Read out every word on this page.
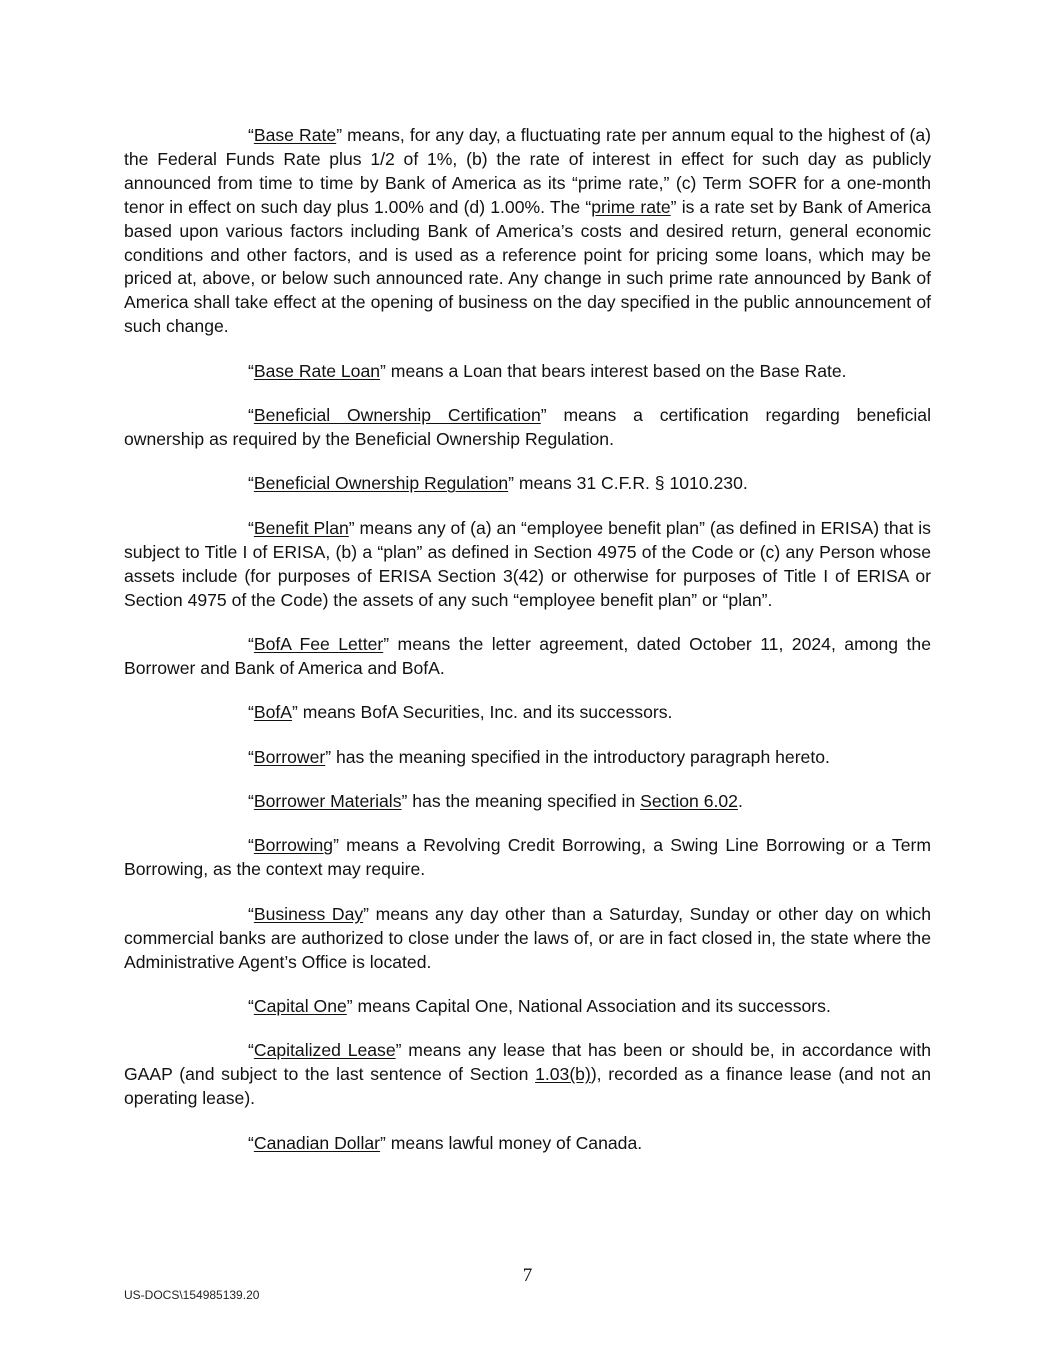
“Base Rate” means, for any day, a fluctuating rate per annum equal to the highest of (a) the Federal Funds Rate plus 1/2 of 1%, (b) the rate of interest in effect for such day as publicly announced from time to time by Bank of America as its “prime rate,” (c) Term SOFR for a one-month tenor in effect on such day plus 1.00% and (d) 1.00%. The “prime rate” is a rate set by Bank of America based upon various factors including Bank of America’s costs and desired return, general economic conditions and other factors, and is used as a reference point for pricing some loans, which may be priced at, above, or below such announced rate. Any change in such prime rate announced by Bank of America shall take effect at the opening of business on the day specified in the public announcement of such change.

“Base Rate Loan” means a Loan that bears interest based on the Base Rate.

“Beneficial Ownership Certification” means a certification regarding beneficial ownership as required by the Beneficial Ownership Regulation.

“Beneficial Ownership Regulation” means 31 C.F.R. § 1010.230.

“Benefit Plan” means any of (a) an “employee benefit plan” (as defined in ERISA) that is subject to Title I of ERISA, (b) a “plan” as defined in Section 4975 of the Code or (c) any Person whose assets include (for purposes of ERISA Section 3(42) or otherwise for purposes of Title I of ERISA or Section 4975 of the Code) the assets of any such “employee benefit plan” or “plan”.

“BofA Fee Letter” means the letter agreement, dated October 11, 2024, among the Borrower and Bank of America and BofA.

“BofA” means BofA Securities, Inc. and its successors.

“Borrower” has the meaning specified in the introductory paragraph hereto.

“Borrower Materials” has the meaning specified in Section 6.02.

“Borrowing” means a Revolving Credit Borrowing, a Swing Line Borrowing or a Term Borrowing, as the context may require.

“Business Day” means any day other than a Saturday, Sunday or other day on which commercial banks are authorized to close under the laws of, or are in fact closed in, the state where the Administrative Agent’s Office is located.

“Capital One” means Capital One, National Association and its successors.

“Capitalized Lease” means any lease that has been or should be, in accordance with GAAP (and subject to the last sentence of Section 1.03(b)), recorded as a finance lease (and not an operating lease).

“Canadian Dollar” means lawful money of Canada.

7
US-DOCS\154985139.20
